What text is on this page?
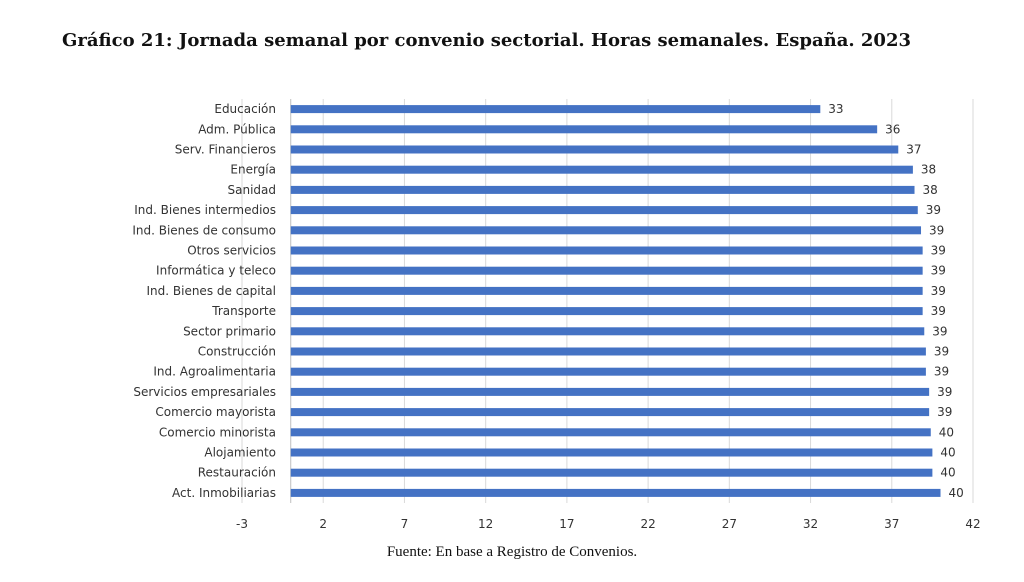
Gráfico 21: Jornada semanal por convenio sectorial. Horas semanales. España. 2023
Educación
Adm. Pública
Serv. Financieros
Energía
Sanidad
Ind. Bienes intermedios
Ind. Bienes de consumo
Otros servicios
Informática y teleco
Ind. Bienes de capital
Transporte
Sector primario
Construcción
Ind. Agroalimentaria
Servicios empresariales
Comercio mayorista
Comercio minorista
Alojamiento
Restauración
Act. Inmobiliarias
33
36
37
38
38
39
39
39
39
39
39
39
39
39
39
39
40
40
40
40
-3	2	7	12	17	22	27	32	37	42
Fuente: En base a Registro de Convenios.
